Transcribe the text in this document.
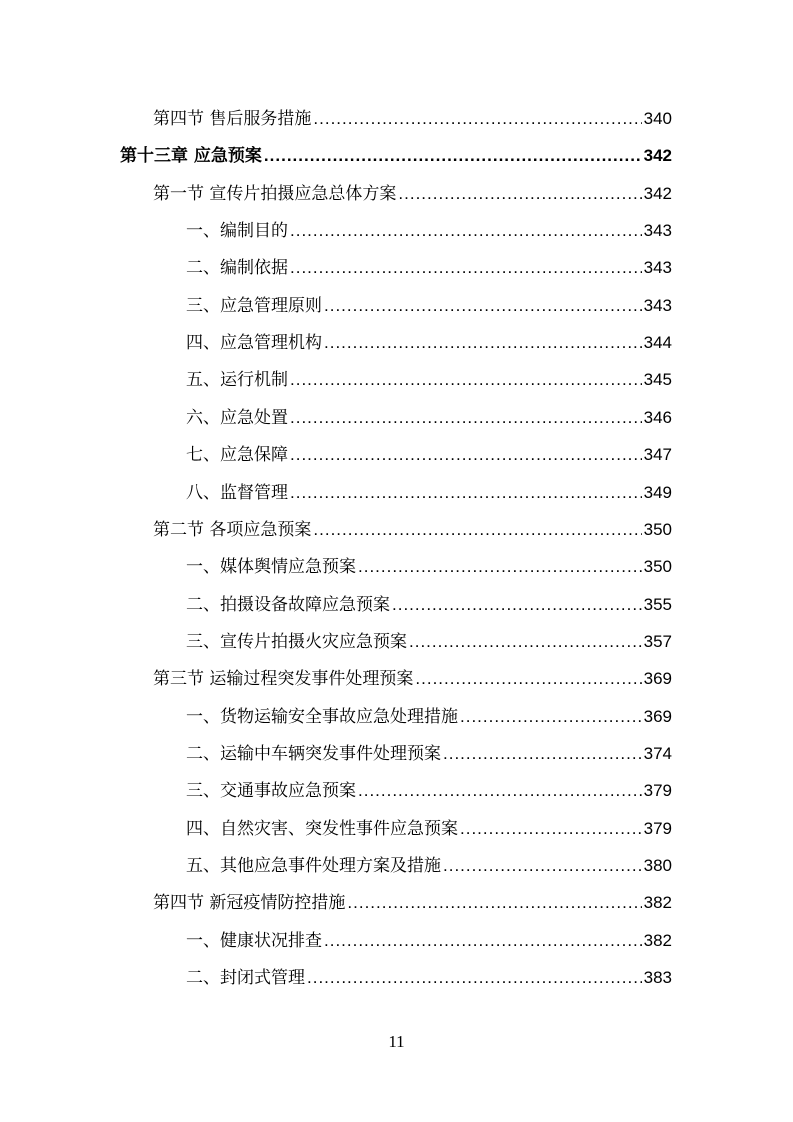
第四节 售后服务措施 .....	340
第十三章 应急预案 .....	342
第一节 宣传片拍摄应急总体方案 .....	342
一、编制目的 .....	343
二、编制依据 .....	343
三、应急管理原则 .....	343
四、应急管理机构 .....	344
五、运行机制 .....	345
六、应急处置 .....	346
七、应急保障 .....	347
八、监督管理 .....	349
第二节 各项应急预案 .....	350
一、媒体舆情应急预案 .....	350
二、拍摄设备故障应急预案 .....	355
三、宣传片拍摄火灾应急预案 .....	357
第三节 运输过程突发事件处理预案 .....	369
一、货物运输安全事故应急处理措施 .....	369
二、运输中车辆突发事件处理预案 .....	374
三、交通事故应急预案 .....	379
四、自然灾害、突发性事件应急预案 .....	379
五、其他应急事件处理方案及措施 .....	380
第四节 新冠疫情防控措施 .....	382
一、健康状况排查 .....	382
二、封闭式管理 .....	383
11
